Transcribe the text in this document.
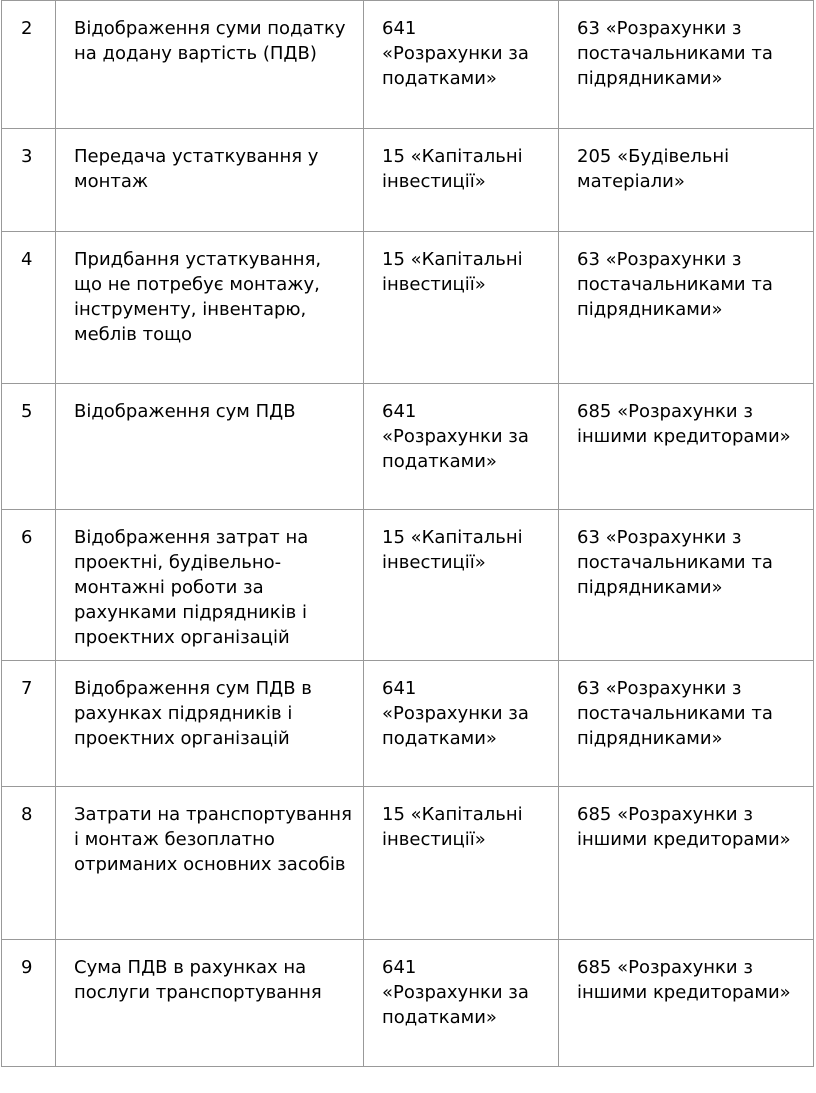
2	Відображення суми податку на додану вартість (ПДВ)	641 «Розрахунки за податками»	63 «Розрахунки з постачальниками та підрядниками»
3	Передача устаткування у монтаж	15 «Капітальні інвестиції»	205 «Будівельні матеріали»
4	Придбання устаткування, що не потребує монтажу, інструменту, інвентарю, меблів тощо	15 «Капітальні інвестиції»	63 «Розрахунки з постачальниками та підрядниками»
5	Відображення сум ПДВ	641 «Розрахунки за податками»	685 «Розрахунки з іншими кредиторами»
6	Відображення затрат на проектні, будівельно-монтажні роботи за рахунками підрядників і проектних організацій	15 «Капітальні інвестиції»	63 «Розрахунки з постачальниками та підрядниками»
7	Відображення сум ПДВ в рахунках підрядників і проектних організацій	641 «Розрахунки за податками»	63 «Розрахунки з постачальниками та підрядниками»
8	Затрати на транспортування і монтаж безоплатно отриманих основних засобів	15 «Капітальні інвестиції»	685 «Розрахунки з іншими кредиторами»
9	Сума ПДВ в рахунках на послуги транспортування	641 «Розрахунки за податками»	685 «Розрахунки з іншими кредиторами»
